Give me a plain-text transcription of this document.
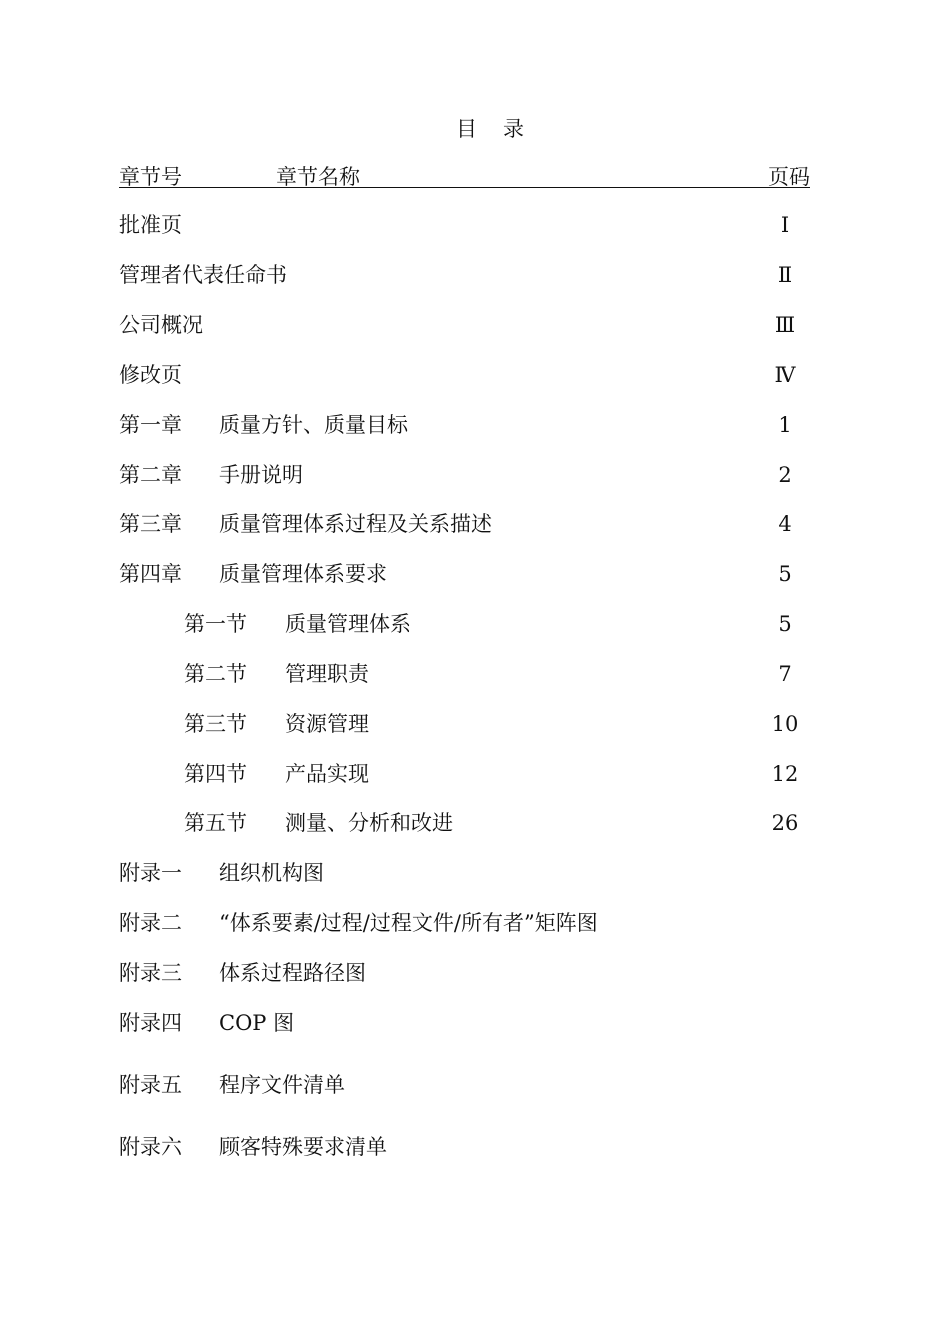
目 录
章节号	章节名称	页码
批准页	Ⅰ
管理者代表任命书	Ⅱ
公司概况	Ⅲ
修改页	Ⅳ
第一章 质量方针、质量目标	1
第二章 手册说明	2
第三章 质量管理体系过程及关系描述	4
第四章 质量管理体系要求	5
第一节 质量管理体系	5
第二节 管理职责	7
第三节 资源管理	10
第四节 产品实现	12
第五节 测量、分析和改进	26
附录一 组织机构图
附录二 “体系要素/过程/过程文件/所有者”矩阵图
附录三 体系过程路径图
附录四 COP 图
附录五 程序文件清单
附录六 顾客特殊要求清单
